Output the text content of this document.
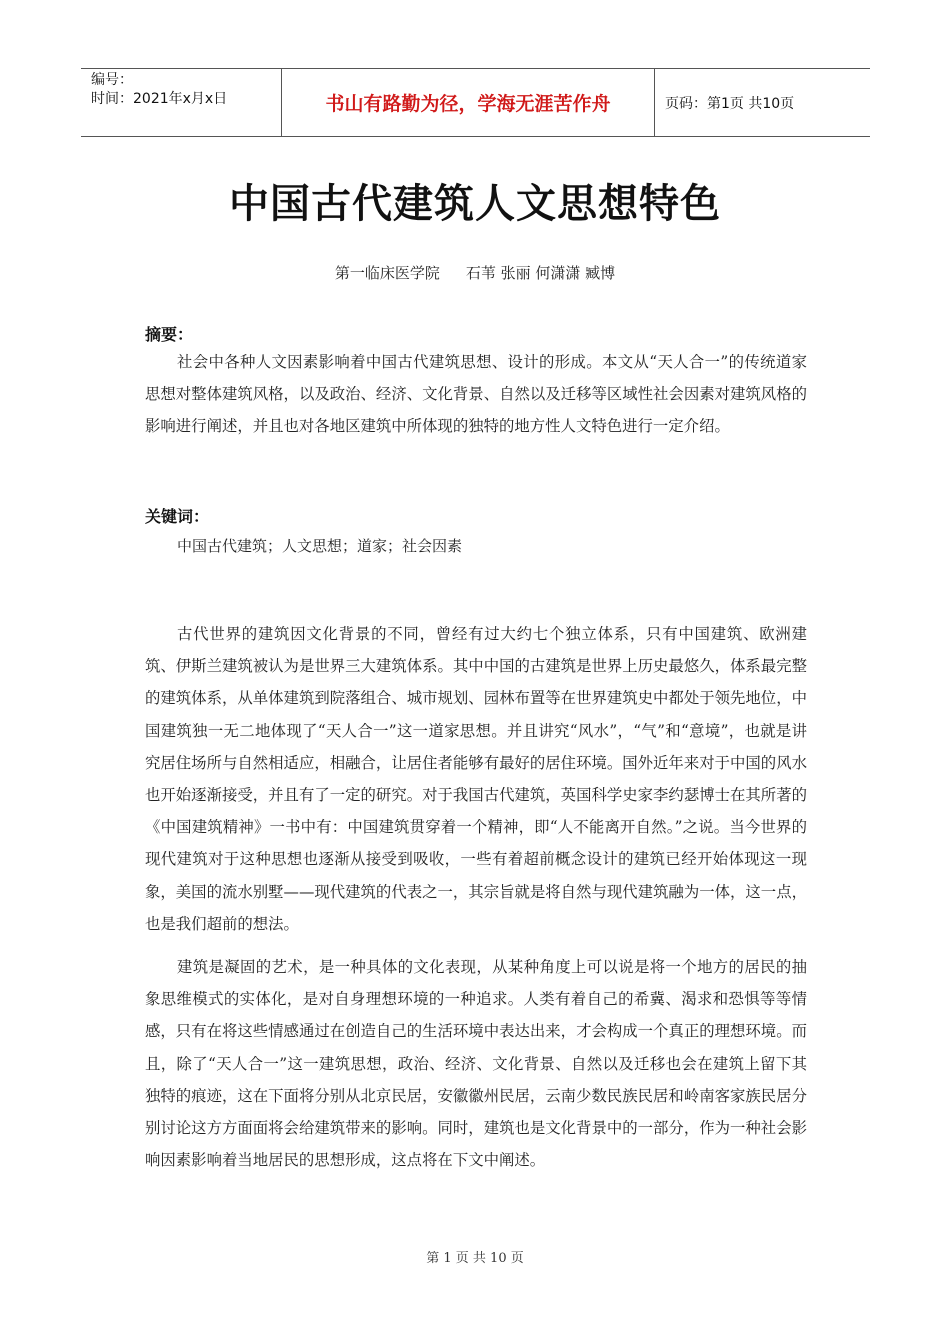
编号：
时间：2021年x月x日	书山有路勤为径，学海无涯苦作舟	页码：第1页 共10页
中国古代建筑人文思想特色
第一临床医学院 石苇 张丽 何潇潇 臧博
摘要：

社会中各种人文因素影响着中国古代建筑思想、设计的形成。本文从“天人合一”的传统道家思想对整体建筑风格，以及政治、经济、文化背景、自然以及迁移等区域性社会因素对建筑风格的影响进行阐述，并且也对各地区建筑中所体现的独特的地方性人文特色进行一定介绍。

关键词：
中国古代建筑；人文思想；道家；社会因素

古代世界的建筑因文化背景的不同，曾经有过大约七个独立体系，只有中国建筑、欧洲建筑、伊斯兰建筑被认为是世界三大建筑体系。其中中国的古建筑是世界上历史最悠久，体系最完整的建筑体系，从单体建筑到院落组合、城市规划、园林布置等在世界建筑史中都处于领先地位，中国建筑独一无二地体现了“天人合一”这一道家思想。并且讲究“风水”，“气”和“意境”，也就是讲究居住场所与自然相适应，相融合，让居住者能够有最好的居住环境。国外近年来对于中国的风水也开始逐渐接受，并且有了一定的研究。对于我国古代建筑，英国科学史家李约瑟博士在其所著的《中国建筑精神》一书中有：中国建筑贯穿着一个精神，即“人不能离开自然。”之说。当今世界的现代建筑对于这种思想也逐渐从接受到吸收，一些有着超前概念设计的建筑已经开始体现这一现象，美国的流水别墅——现代建筑的代表之一，其宗旨就是将自然与现代建筑融为一体，这一点，也是我们超前的想法。

建筑是凝固的艺术，是一种具体的文化表现，从某种角度上可以说是将一个地方的居民的抽象思维模式的实体化，是对自身理想环境的一种追求。人类有着自己的希冀、渴求和恐惧等等情感，只有在将这些情感通过在创造自己的生活环境中表达出来，才会构成一个真正的理想环境。而且，除了“天人合一”这一建筑思想，政治、经济、文化背景、自然以及迁移也会在建筑上留下其独特的痕迹，这在下面将分别从北京民居，安徽徽州民居，云南少数民族民居和岭南客家族民居分别讨论这方方面面将会给建筑带来的影响。同时，建筑也是文化背景中的一部分，作为一种社会影响因素影响着当地居民的思想形成，这点将在下文中阐述。

第 1 页 共 10 页
